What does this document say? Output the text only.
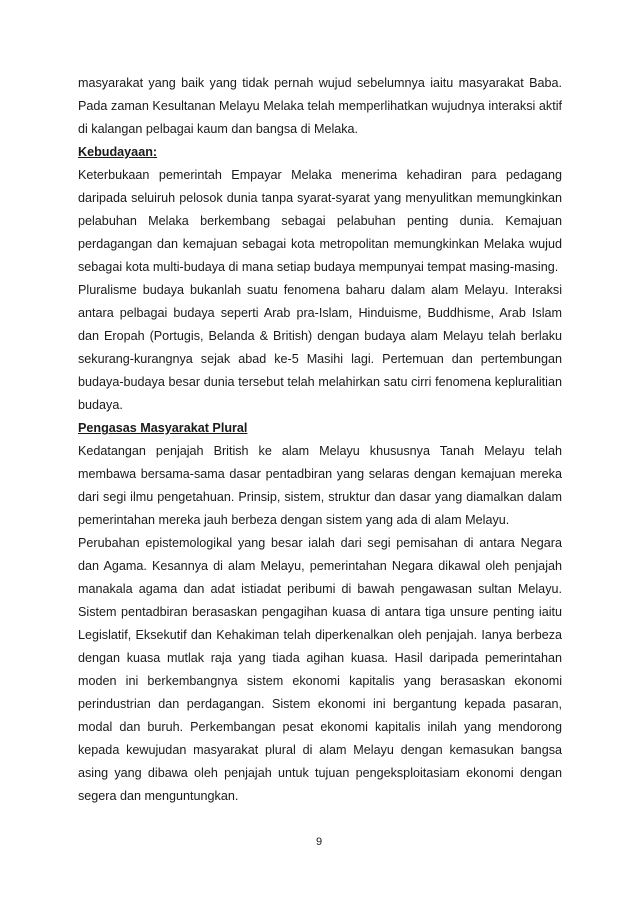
masyarakat yang baik yang tidak pernah wujud sebelumnya iaitu masyarakat Baba. Pada zaman Kesultanan Melayu Melaka telah memperlihatkan wujudnya interaksi aktif di kalangan pelbagai kaum dan bangsa di Melaka.

Kebudayaan:

Keterbukaan pemerintah Empayar Melaka menerima kehadiran para pedagang daripada seluiruh pelosok dunia tanpa syarat-syarat yang menyulitkan memungkinkan pelabuhan Melaka berkembang sebagai pelabuhan penting dunia. Kemajuan perdagangan dan kemajuan sebagai kota metropolitan memungkinkan Melaka wujud sebagai kota multi-budaya di mana setiap budaya mempunyai tempat masing-masing.

Pluralisme budaya bukanlah suatu fenomena baharu dalam alam Melayu. Interaksi antara pelbagai budaya seperti Arab pra-Islam, Hinduisme, Buddhisme, Arab Islam dan Eropah (Portugis, Belanda & British) dengan budaya alam Melayu telah berlaku sekurang-kurangnya sejak abad ke-5 Masihi lagi. Pertemuan dan pertembungan budaya-budaya besar dunia tersebut telah melahirkan satu cirri fenomena kepluralitian budaya.

Pengasas Masyarakat Plural

Kedatangan penjajah British ke alam Melayu khususnya Tanah Melayu telah membawa bersama-sama dasar pentadbiran yang selaras dengan kemajuan mereka dari segi ilmu pengetahuan. Prinsip, sistem, struktur dan dasar yang diamalkan dalam pemerintahan mereka jauh berbeza dengan sistem yang ada di alam Melayu.

Perubahan epistemologikal yang besar ialah dari segi pemisahan di antara Negara dan Agama. Kesannya di alam Melayu, pemerintahan Negara dikawal oleh penjajah manakala agama dan adat istiadat peribumi di bawah pengawasan sultan Melayu. Sistem pentadbiran berasaskan pengagihan kuasa di antara tiga unsure penting iaitu Legislatif, Eksekutif dan Kehakiman telah diperkenalkan oleh penjajah. Ianya berbeza dengan kuasa mutlak raja yang tiada agihan kuasa. Hasil daripada pemerintahan moden ini berkembangnya sistem ekonomi kapitalis yang berasaskan ekonomi perindustrian dan perdagangan. Sistem ekonomi ini bergantung kepada pasaran, modal dan buruh. Perkembangan pesat ekonomi kapitalis inilah yang mendorong kepada kewujudan masyarakat plural di alam Melayu dengan kemasukan bangsa asing yang dibawa oleh penjajah untuk tujuan pengeksploitasiam ekonomi dengan segera dan menguntungkan.

9
